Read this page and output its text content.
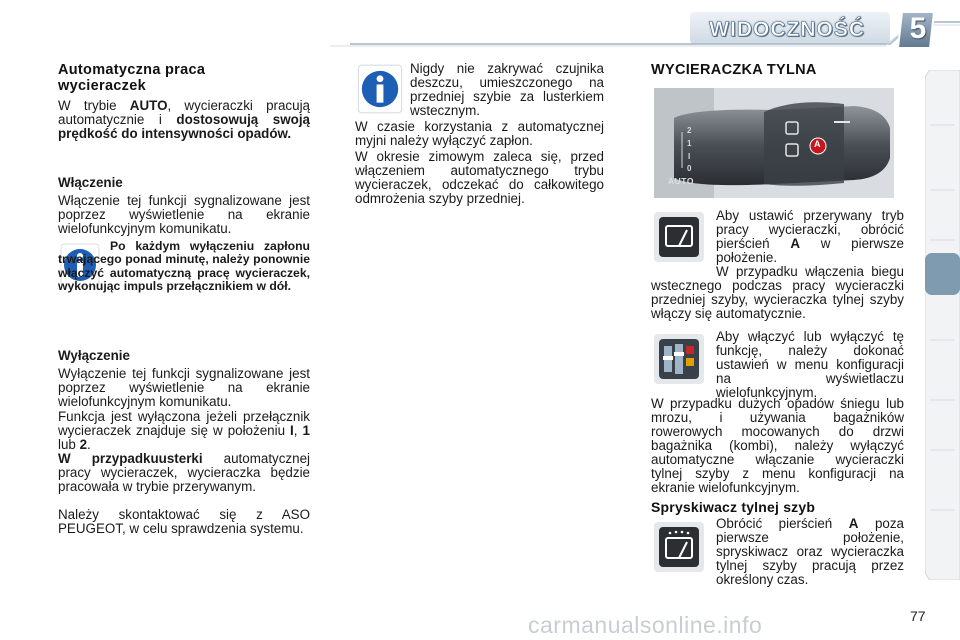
WIDOCZNOŚĆ 5
Automatyczna praca wycieraczek

W trybie AUTO, wycieraczki pracują automatycznie i dostosowują swoją prędkość do intensywności opadów.

Włączenie

Włączenie tej funkcji sygnalizowane jest poprzez wyświetlenie na ekranie wielofunkcyjnym komunikatu.

Po każdym wyłączeniu zapłonu trwającego ponad minutę, należy ponownie włączyć automatyczną pracę wycieraczek, wykonując impuls przełącznikiem w dół.

Wyłączenie

Wyłączenie tej funkcji sygnalizowane jest poprzez wyświetlenie na ekranie wielofunkcyjnym komunikatu.

Funkcja jest wyłączona jeżeli przełącznik wycieraczek znajduje się w położeniu I, 1 lub 2.

W przypadkuusterki automatycznej pracy wycieraczek, wycieraczka będzie pracowała w trybie przerywanym.

Należy skontaktować się z ASO PEUGEOT, w celu sprawdzenia systemu.

Nigdy nie zakrywać czujnika deszczu, umieszczonego na przedniej szybie za lusterkiem wstecznym.

W czasie korzystania z automatycznej myjni należy wyłączyć zapłon.

W okresie zimowym zaleca się, przed włączeniem automatycznego trybu wycieraczek, odczekać do całkowitego odmrożenia szyby przedniej.

WYCIERACZKA TYLNA
A
AUTO
2
1
I
0

Aby ustawić przerywany tryb pracy wycieraczki, obrócić pierścień A w pierwsze położenie.

W przypadku włączenia biegu wstecznego podczas pracy wycieraczki przedniej szyby, wycieraczka tylnej szyby włączy się automatycznie.

Aby włączyć lub wyłączyć tę funkcję, należy dokonać ustawień w menu konfiguracji na wyświetlaczu wielofunkcyjnym.

W przypadku dużych opadów śniegu lub mrozu, i używania bagażników rowerowych mocowanych do drzwi bagażnika (kombi), należy wyłączyć automatyczne włączanie wycieraczki tylnej szyby z menu konfiguracji na ekranie wielofunkcyjnym.

Spryskiwacz tylnej szyb

Obrócić pierścień A poza pierwsze położenie, spryskiwacz oraz wycieraczka tylnej szyby pracują przez określony czas.

carmanualsonline.info	77
